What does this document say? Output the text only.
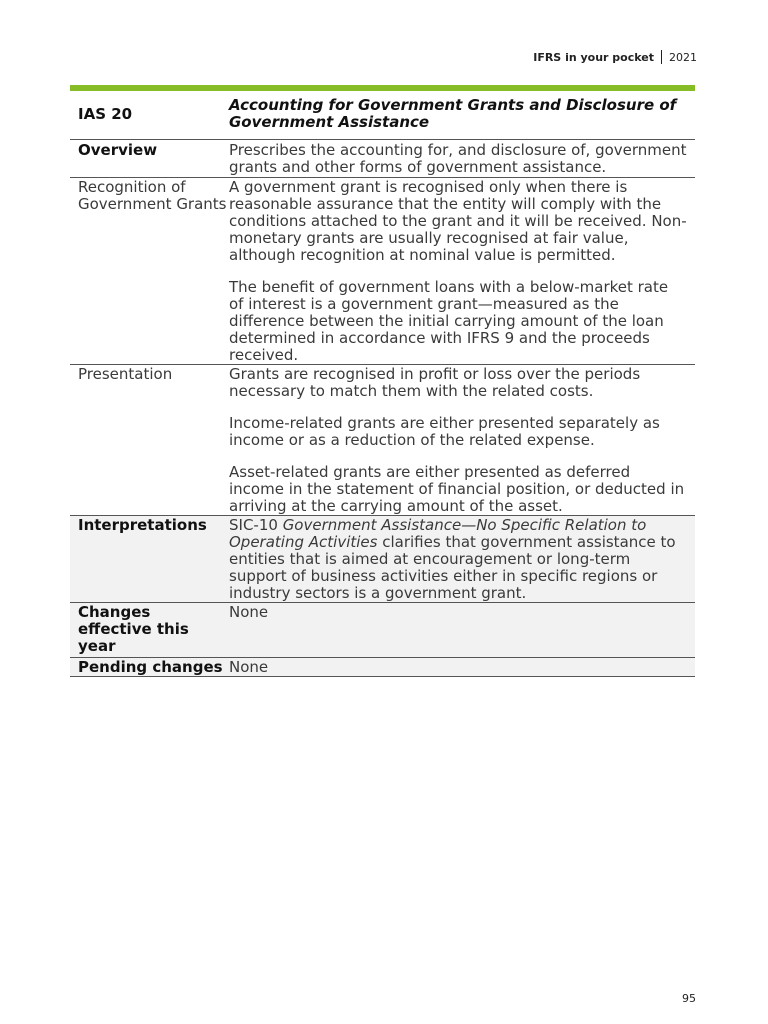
IFRS in your pocket 2021
IAS 20	Accounting for Government Grants and Disclosure of Government Assistance
Overview	Prescribes the accounting for, and disclosure of, government grants and other forms of government assistance.
Recognition of Government Grants	A government grant is recognised only when there is reasonable assurance that the entity will comply with the conditions attached to the grant and it will be received. Non-monetary grants are usually recognised at fair value, although recognition at nominal value is permitted.

The benefit of government loans with a below-market rate of interest is a government grant—measured as the difference between the initial carrying amount of the loan determined in accordance with IFRS 9 and the proceeds received.

Presentation	Grants are recognised in profit or loss over the periods necessary to match them with the related costs.

Income-related grants are either presented separately as income or as a reduction of the related expense.

Asset-related grants are either presented as deferred income in the statement of financial position, or deducted in arriving at the carrying amount of the asset.

Interpretations	SIC-10 Government Assistance—No Specific Relation to Operating Activities clarifies that government assistance to entities that is aimed at encouragement or long-term support of business activities either in specific regions or industry sectors is a government grant.
Changes effective this year	None
Pending changes	None
95
